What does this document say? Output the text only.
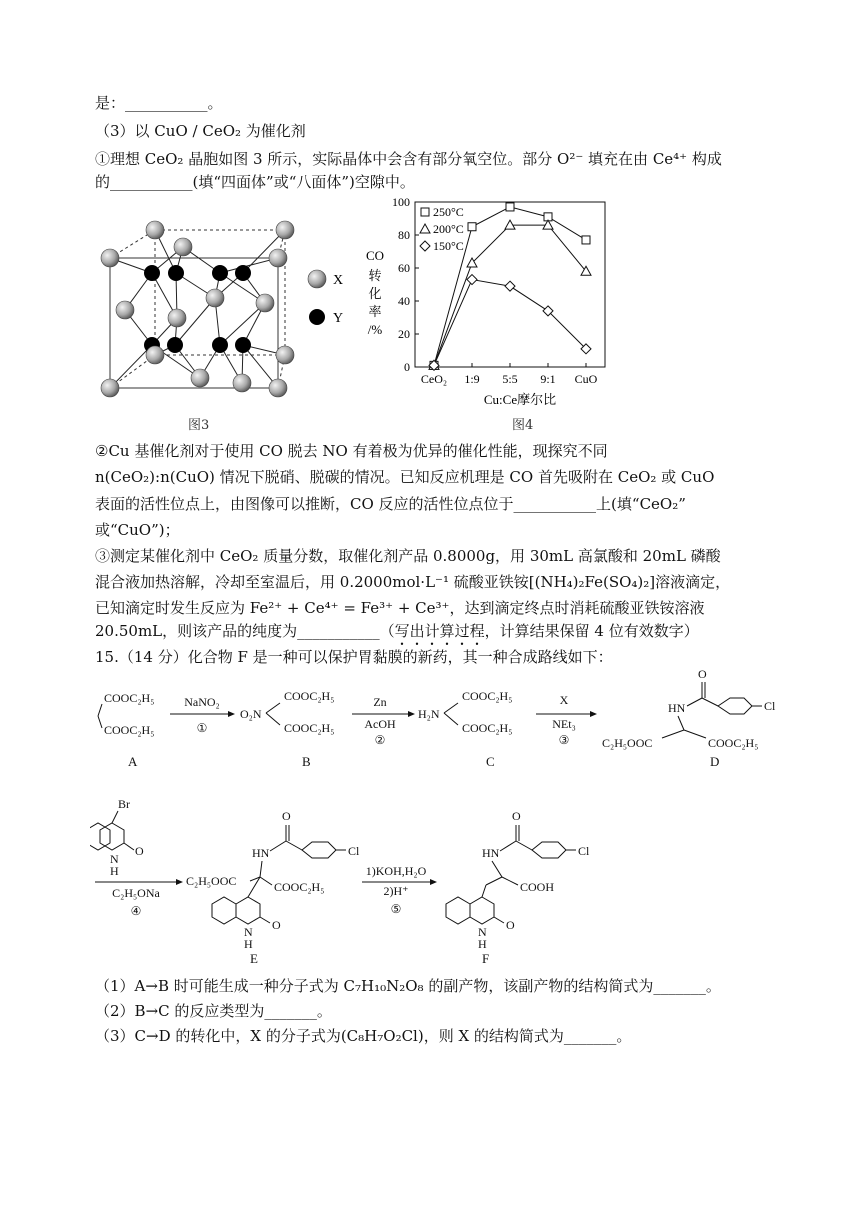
是：___________。
（3）以 CuO / CeO₂ 为催化剂
①理想 CeO₂ 晶胞如图 3 所示，实际晶体中会含有部分氧空位。部分 O²⁻ 填充在由 Ce⁴⁺ 构成
的___________(填“四面体”或“八面体”)空隙中。
X
Y
图3
CO
转
化
率
/%
Cu:Ce摩尔比
0
20
40
60
80
100
CeO₂ 1:9 5:5 9:1 CuO
250°C
200°C
150°C
图4
②Cu 基催化剂对于使用 CO 脱去 NO 有着极为优异的催化性能，现探究不同
n(CeO₂):n(CuO) 情况下脱硝、脱碳的情况。已知反应机理是 CO 首先吸附在 CeO₂ 或 CuO
表面的活性位点上，由图像可以推断，CO 反应的活性位点位于___________上(填“CeO₂”
或“CuO”)；
③测定某催化剂中 CeO₂ 质量分数，取催化剂产品 0.8000g，用 30mL 高氯酸和 20mL 磷酸
混合液加热溶解，冷却至室温后，用 0.2000mol·L⁻¹ 硫酸亚铁铵[(NH₄)₂Fe(SO₄)₂]溶液滴定，
已知滴定时发生反应为 Fe²⁺ + Ce⁴⁺ = Fe³⁺ + Ce³⁺，达到滴定终点时消耗硫酸亚铁铵溶液
20.50mL，则该产品的纯度为___________（写出计算过程，计算结果保留 4 位有效数字）
15.（14 分）化合物 F 是一种可以保护胃黏膜的新药，其一种合成路线如下：
COOC₂H₅
COOC₂H₅
A
NaNO₂
①
O₂N
COOC₂H₅
COOC₂H₅
B
Zn
AcOH
②
H₂N
COOC₂H₅
COOC₂H₅
C
X
NEt₃
③
HN
O
Cl
C₂H₅OOC	COOC₂H₅
D
Br
N
H
O
C₂H₅ONa
④
C₂H₅OOC
HN
O
Cl
COOC₂H₅
O
N
H
E
1)KOH,H₂O
2)H⁺
⑤
HN
O
Cl
COOH
O
N
H
F
（1）A→B 时可能生成一种分子式为 C₇H₁₀N₂O₈ 的副产物，该副产物的结构简式为_______。
（2）B→C 的反应类型为_______。
（3）C→D 的转化中，X 的分子式为(C₈H₇O₂Cl)，则 X 的结构简式为_______。
